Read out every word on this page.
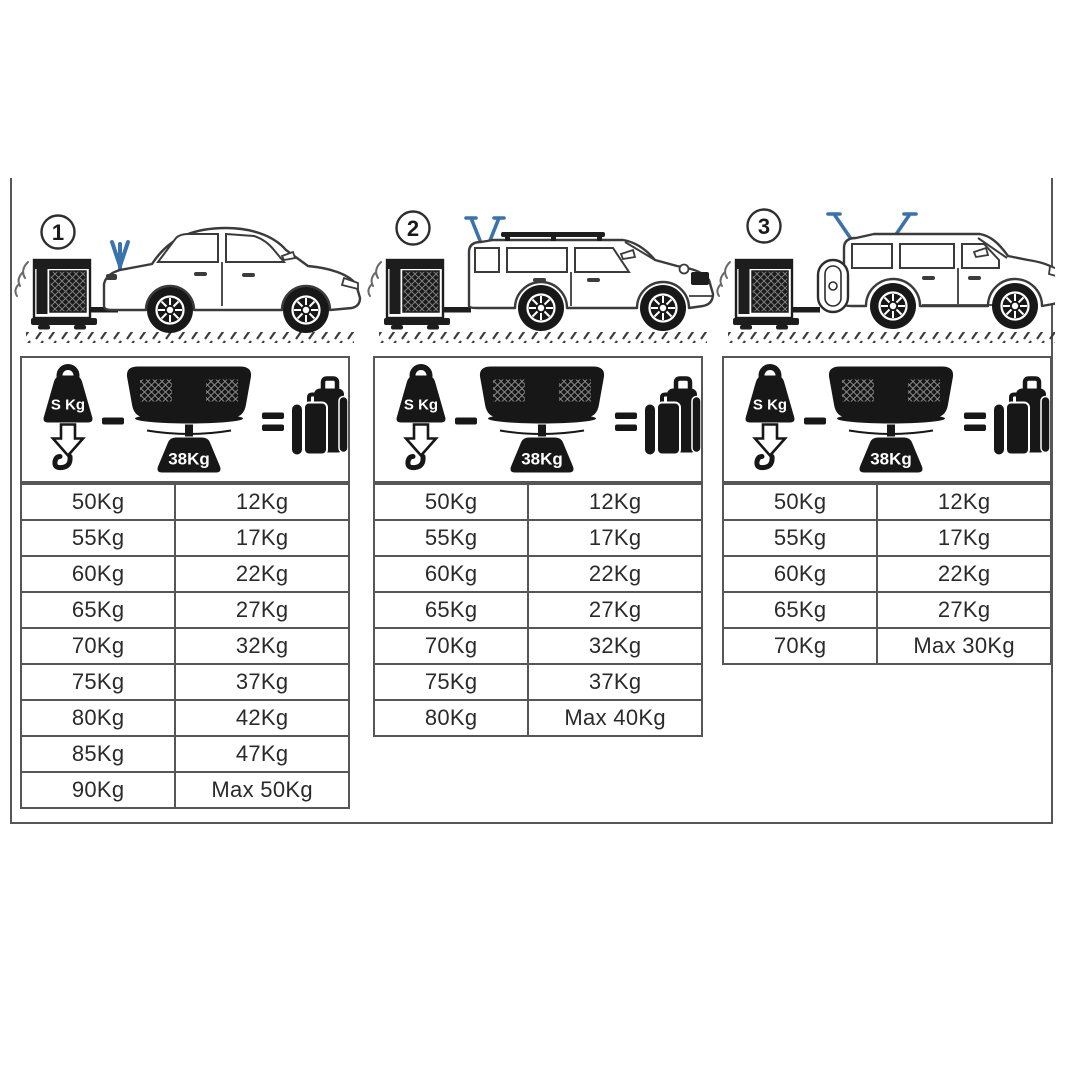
1	2	3
S Kg
38Kg
50Kg	12Kg
55Kg	17Kg
60Kg	22Kg
65Kg	27Kg
70Kg	32Kg
75Kg	37Kg
80Kg	42Kg
85Kg	47Kg
90Kg	Max 50Kg
S Kg
38Kg
50Kg	12Kg
55Kg	17Kg
60Kg	22Kg
65Kg	27Kg
70Kg	32Kg
75Kg	37Kg
80Kg	Max 40Kg
S Kg
38Kg
50Kg	12Kg
55Kg	17Kg
60Kg	22Kg
65Kg	27Kg
70Kg	Max 30Kg
